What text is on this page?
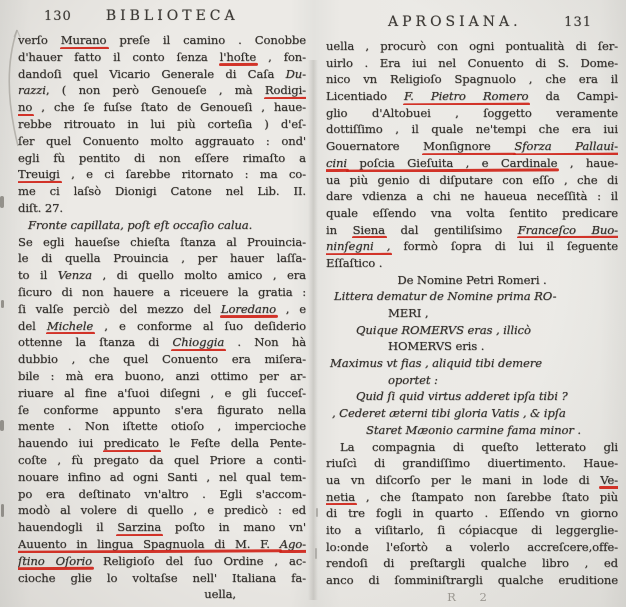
130 BIBLIOTECA
verſo Murano preſe il camino . Conobbe
d'hauer fatto il conto ſenza l'hoſte , fon-
dandoſi quel Vicario Generale di Caſa Du-
razzi, ( non però Genoueſe , mà Rodigi-
no , che ſe fuſse ſtato de Genoueſi , haue-
rebbe ritrouato in lui più corteſia ) d'eſ-
ſer quel Conuento molto aggrauato : ond'
egli fù pentito di non eſſere rimaſto a
Treuigi , e ci ſarebbe ritornato : ma co-
me ci laſsò Dionigi Catone nel Lib. II.
diſt. 27.
Fronte capillata, poſt eſt occaſio calua.
Se egli haueſse chieſta ſtanza al Prouincia-
le di quella Prouincia , per hauer laſſa-
to il Venza , di quello molto amico , era
ſicuro di non hauere a riceuere la gratia :
ſi valſe perciò del mezzo del Loredano , e
del Michele , e conforme al ſuo deſiderio
ottenne la ſtanza di Chioggia . Non hà
dubbio , che quel Conuento era miſera-
bile : mà era buono, anzi ottimo per ar-
riuare al fine a'ſuoi diſegni , e gli ſucceſ-
ſe conforme appunto s'era figurato nella
mente . Non iſtette otioſo , impercioche
hauendo iui predicato le Feſte della Pente-
coſte , fù pregato da quel Priore a conti-
nouare infino ad ogni Santi , nel qual tem-
po era deſtinato vn'altro . Egli s'accom-
modò al volere di quello , e predicò : ed
hauendogli il Sarzina poſto in mano vn'
Auuento in lingua Spagnuola di M. F. Ago-
ſtino Oſorio Religioſo del ſuo Ordine , ac-
cioche glie lo voltaſse nell' Italiana fa-
uella,
APROSIANA.	131
uella , procurò con ogni pontualità di ſer-
uirlo . Era iui nel Conuento di S. Dome-
nico vn Religioſo Spagnuolo , che era il
Licentiado F. Pietro Romero da Campi-
glio d'Altobuei , ſoggetto veramente
dottiſſimo , il quale ne'tempi che era iui
Gouernatore Monſignore Sforza Pallaui-
cini poſcia Gieſuita , e Cardinale , haue-
ua più genio di diſputare con eſſo , che di
dare vdienza a chi ne haueua neceſſità : il
quale eſſendo vna volta ſentito predicare
in Siena dal gentiliſsimo Franceſco Buo-
ninſegni , formò ſopra di lui il ſeguente
Eſſaſtico .
De Nomine Petri Romeri .
Littera dematur de Nomine prima RO-
MERI ,
Quique ROMERVS eras , illicò
HOMERVS eris .
Maximus vt fias , aliquid tibi demere
oportet :
Quid ſi quid virtus adderet ipſa tibi ?
, Cederet æterni tibi gloria Vatis , & ipſa
Staret Mæonio carmine fama minor .
La compagnia di queſto letterato gli
riuſcì di grandiſſimo diuertimento. Haue-
ua vn diſcorſo per le mani in lode di Ve-
netia , che ſtampato non ſarebbe ſtato più
di tre fogli in quarto . Eſſendo vn giorno
ito a viſitarlo, ſi cópiacque di leggerglie-
lo:onde l'eſortò a volerlo accreſcere,offe-
rendoſi di preſtargli qualche libro , ed
anco di ſomminiſtrargli qualche eruditione
R 2
